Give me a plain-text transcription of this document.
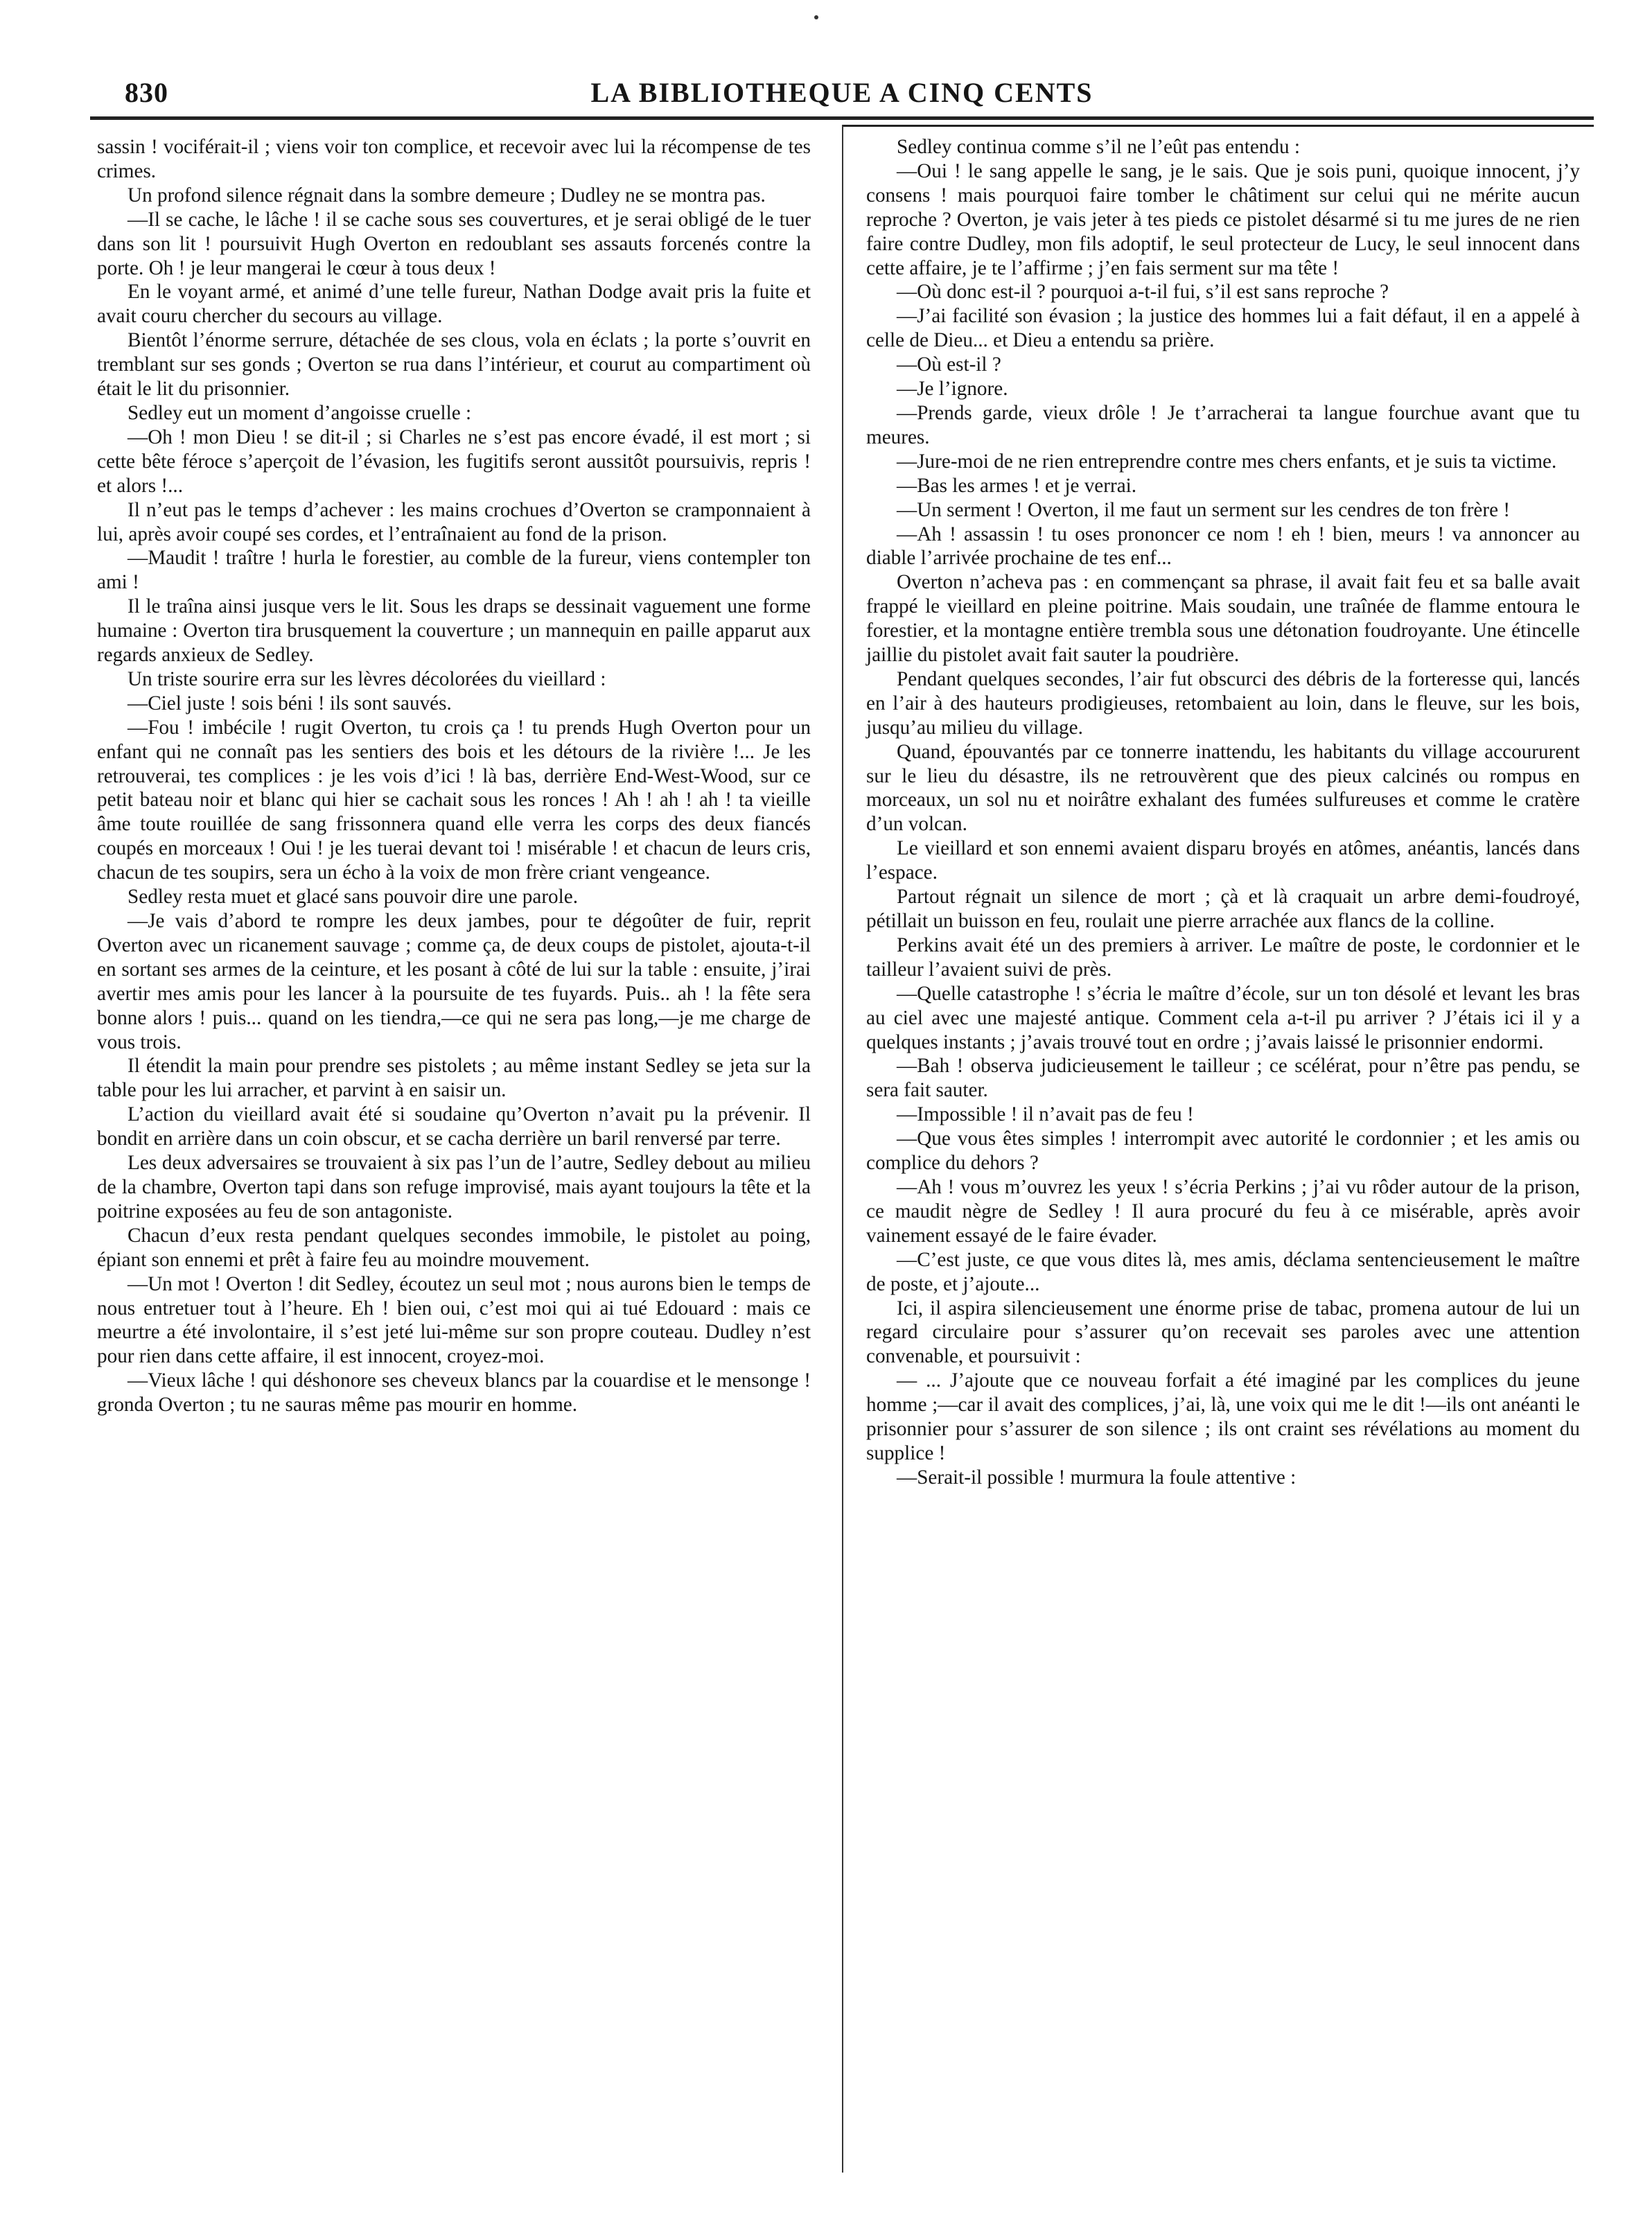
830	LA BIBLIOTHEQUE A CINQ CENTS

sassin ! vociférait-il ; viens voir ton complice, et recevoir avec lui la récompense de tes crimes.

Un profond silence régnait dans la sombre demeure ; Dudley ne se montra pas.

—Il se cache, le lâche ! il se cache sous ses couvertures, et je serai obligé de le tuer dans son lit ! poursuivit Hugh Overton en redoublant ses assauts forcenés contre la porte. Oh ! je leur mangerai le cœur à tous deux !

En le voyant armé, et animé d’une telle fureur, Nathan Dodge avait pris la fuite et avait couru chercher du secours au village.

Bientôt l’énorme serrure, détachée de ses clous, vola en éclats ; la porte s’ouvrit en tremblant sur ses gonds ; Overton se rua dans l’intérieur, et courut au compartiment où était le lit du prisonnier.

Sedley eut un moment d’angoisse cruelle :

—Oh ! mon Dieu ! se dit-il ; si Charles ne s’est pas encore évadé, il est mort ; si cette bête féroce s’aperçoit de l’évasion, les fugitifs seront aussitôt poursuivis, repris ! et alors !...

Il n’eut pas le temps d’achever : les mains crochues d’Overton se cramponnaient à lui, après avoir coupé ses cordes, et l’entraînaient au fond de la prison.

—Maudit ! traître ! hurla le forestier, au comble de la fureur, viens contempler ton ami !

Il le traîna ainsi jusque vers le lit. Sous les draps se dessinait vaguement une forme humaine : Overton tira brusquement la couverture ; un mannequin en paille apparut aux regards anxieux de Sedley.

Un triste sourire erra sur les lèvres décolorées du vieillard :

—Ciel juste ! sois béni ! ils sont sauvés.

—Fou ! imbécile ! rugit Overton, tu crois ça ! tu prends Hugh Overton pour un enfant qui ne connaît pas les sentiers des bois et les détours de la rivière !... Je les retrouverai, tes complices : je les vois d’ici ! là bas, derrière End-West-Wood, sur ce petit bateau noir et blanc qui hier se cachait sous les ronces ! Ah ! ah ! ah ! ta vieille âme toute rouillée de sang frissonnera quand elle verra les corps des deux fiancés coupés en morceaux ! Oui ! je les tuerai devant toi ! misérable ! et chacun de leurs cris, chacun de tes soupirs, sera un écho à la voix de mon frère criant vengeance.

Sedley resta muet et glacé sans pouvoir dire une parole.

—Je vais d’abord te rompre les deux jambes, pour te dégoûter de fuir, reprit Overton avec un ricanement sauvage ; comme ça, de deux coups de pistolet, ajouta-t-il en sortant ses armes de la ceinture, et les posant à côté de lui sur la table : ensuite, j’irai avertir mes amis pour les lancer à la poursuite de tes fuyards. Puis.. ah ! la fête sera bonne alors ! puis... quand on les tiendra,—ce qui ne sera pas long,—je me charge de vous trois.

Il étendit la main pour prendre ses pistolets ; au même instant Sedley se jeta sur la table pour les lui arracher, et parvint à en saisir un.

L’action du vieillard avait été si soudaine qu’Overton n’avait pu la prévenir. Il bondit en arrière dans un coin obscur, et se cacha derrière un baril renversé par terre.

Les deux adversaires se trouvaient à six pas l’un de l’autre, Sedley debout au milieu de la chambre, Overton tapi dans son refuge improvisé, mais ayant toujours la tête et la poitrine exposées au feu de son antagoniste.

Chacun d’eux resta pendant quelques secondes immobile, le pistolet au poing, épiant son ennemi et prêt à faire feu au moindre mouvement.

—Un mot ! Overton ! dit Sedley, écoutez un seul mot ; nous aurons bien le temps de nous entretuer tout à l’heure. Eh ! bien oui, c’est moi qui ai tué Edouard : mais ce meurtre a été involontaire, il s’est jeté lui-même sur son propre couteau. Dudley n’est pour rien dans cette affaire, il est innocent, croyez-moi.

—Vieux lâche ! qui déshonore ses cheveux blancs par la couardise et le mensonge ! gronda Overton ; tu ne sauras même pas mourir en homme.

Sedley continua comme s’il ne l’eût pas entendu :

—Oui ! le sang appelle le sang, je le sais. Que je sois puni, quoique innocent, j’y consens ! mais pourquoi faire tomber le châtiment sur celui qui ne mérite aucun reproche ? Overton, je vais jeter à tes pieds ce pistolet désarmé si tu me jures de ne rien faire contre Dudley, mon fils adoptif, le seul protecteur de Lucy, le seul innocent dans cette affaire, je te l’affirme ; j’en fais serment sur ma tête !

—Où donc est-il ? pourquoi a-t-il fui, s’il est sans reproche ?

—J’ai facilité son évasion ; la justice des hommes lui a fait défaut, il en a appelé à celle de Dieu... et Dieu a entendu sa prière.

—Où est-il ?

—Je l’ignore.

—Prends garde, vieux drôle ! Je t’arracherai ta langue fourchue avant que tu meures.

—Jure-moi de ne rien entreprendre contre mes chers enfants, et je suis ta victime.

—Bas les armes ! et je verrai.

—Un serment ! Overton, il me faut un serment sur les cendres de ton frère !

—Ah ! assassin ! tu oses prononcer ce nom ! eh ! bien, meurs ! va annoncer au diable l’arrivée prochaine de tes enf...

Overton n’acheva pas : en commençant sa phrase, il avait fait feu et sa balle avait frappé le vieillard en pleine poitrine. Mais soudain, une traînée de flamme entoura le forestier, et la montagne entière trembla sous une détonation foudroyante. Une étincelle jaillie du pistolet avait fait sauter la poudrière.

Pendant quelques secondes, l’air fut obscurci des débris de la forteresse qui, lancés en l’air à des hauteurs prodigieuses, retombaient au loin, dans le fleuve, sur les bois, jusqu’au milieu du village.

Quand, épouvantés par ce tonnerre inattendu, les habitants du village accoururent sur le lieu du désastre, ils ne retrouvèrent que des pieux calcinés ou rompus en morceaux, un sol nu et noirâtre exhalant des fumées sulfureuses et comme le cratère d’un volcan.

Le vieillard et son ennemi avaient disparu broyés en atômes, anéantis, lancés dans l’espace.

Partout régnait un silence de mort ; çà et là craquait un arbre demi-foudroyé, pétillait un buisson en feu, roulait une pierre arrachée aux flancs de la colline.

Perkins avait été un des premiers à arriver. Le maître de poste, le cordonnier et le tailleur l’avaient suivi de près.

—Quelle catastrophe ! s’écria le maître d’école, sur un ton désolé et levant les bras au ciel avec une majesté antique. Comment cela a-t-il pu arriver ? J’étais ici il y a quelques instants ; j’avais trouvé tout en ordre ; j’avais laissé le prisonnier endormi.

—Bah ! observa judicieusement le tailleur ; ce scélérat, pour n’être pas pendu, se sera fait sauter.

—Impossible ! il n’avait pas de feu !

—Que vous êtes simples ! interrompit avec autorité le cordonnier ; et les amis ou complice du dehors ?

—Ah ! vous m’ouvrez les yeux ! s’écria Perkins ; j’ai vu rôder autour de la prison, ce maudit nègre de Sedley ! Il aura procuré du feu à ce misérable, après avoir vainement essayé de le faire évader.

—C’est juste, ce que vous dites là, mes amis, déclama sentencieusement le maître de poste, et j’ajoute...

Ici, il aspira silencieusement une énorme prise de tabac, promena autour de lui un regard circulaire pour s’assurer qu’on recevait ses paroles avec une attention convenable, et poursuivit :

— ... J’ajoute que ce nouveau forfait a été imaginé par les complices du jeune homme ;—car il avait des complices, j’ai, là, une voix qui me le dit !—ils ont anéanti le prisonnier pour s’assurer de son silence ; ils ont craint ses révélations au moment du supplice !

—Serait-il possible ! murmura la foule attentive :
